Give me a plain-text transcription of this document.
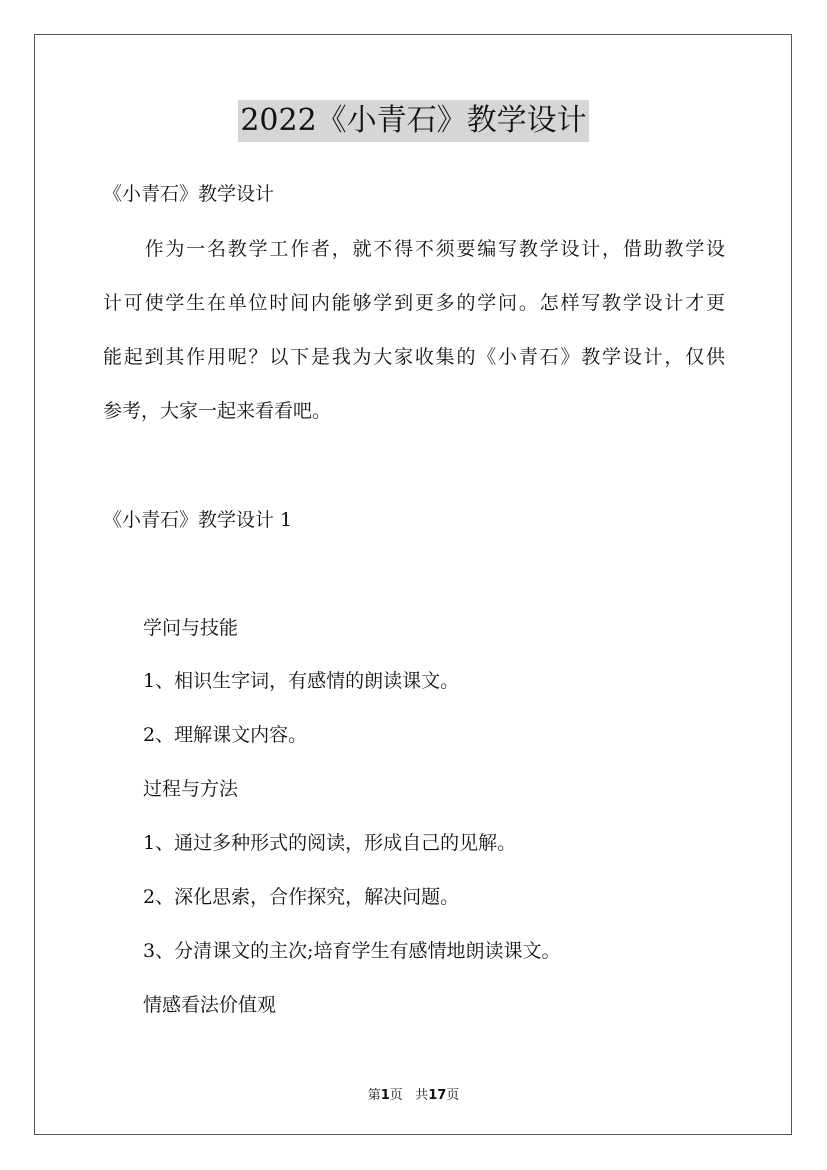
2022《小青石》教学设计
《小青石》教学设计
　　作为一名教学工作者，就不得不须要编写教学设计，借助教学设
计可使学生在单位时间内能够学到更多的学问。怎样写教学设计才更
能起到其作用呢？以下是我为大家收集的《小青石》教学设计，仅供
参考，大家一起来看看吧。
《小青石》教学设计 1
学问与技能
1、相识生字词，有感情的朗读课文。
2、理解课文内容。
过程与方法
1、通过多种形式的阅读，形成自己的见解。
2、深化思索，合作探究，解决问题。
3、分清课文的主次;培育学生有感情地朗读课文。
情感看法价值观
第1页 共17页
